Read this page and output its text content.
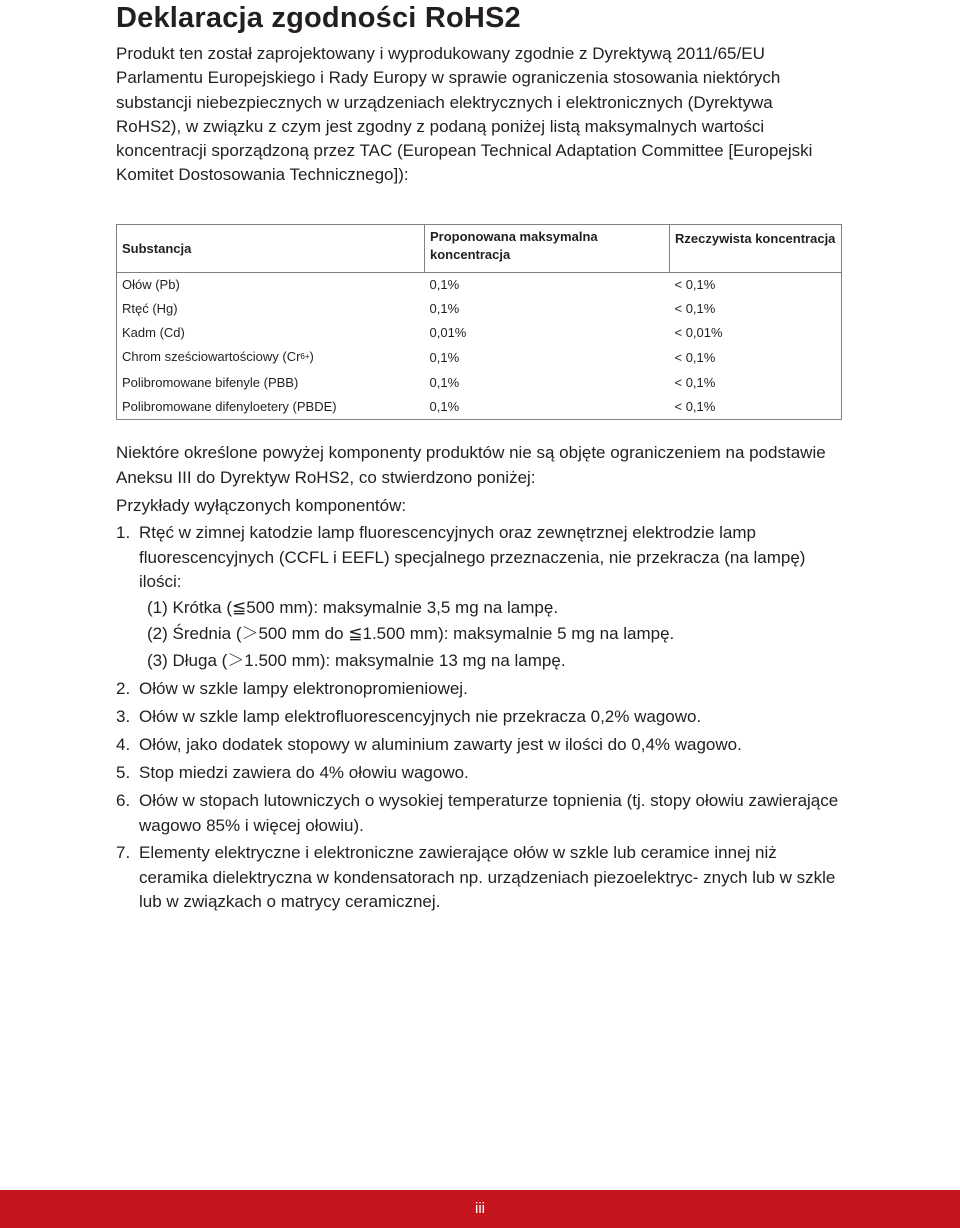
Deklaracja zgodności RoHS2

Produkt ten został zaprojektowany i wyprodukowany zgodnie z Dyrektywą 2011/65/EU Parlamentu Europejskiego i Rady Europy w sprawie ograniczenia stosowania niektórych substancji niebezpiecznych w urządzeniach elektrycznych i elektronicznych (Dyrektywa RoHS2), w związku z czym jest zgodny z podaną poniżej listą maksymalnych wartości koncentracji sporządzoną przez TAC (European Technical Adaptation Committee [Europejski Komitet Dostosowania Technicznego]):

Substancja	Proponowana maksymalna koncentracja	Rzeczywista koncentracja
Ołów (Pb)	0,1%	< 0,1%
Rtęć (Hg)	0,1%	< 0,1%
Kadm (Cd)	0,01%	< 0,01%
Chrom sześciowartościowy $(Cr^{6+})$	0,1%	< 0,1%
Polibromowane bifenyle (PBB)	0,1%	< 0,1%
Polibromowane difenyloetery (PBDE)	0,1%	< 0,1%

Niektóre określone powyżej komponenty produktów nie są objęte ograniczeniem na podstawie Aneksu III do Dyrektyw RoHS2, co stwierdzono poniżej:

Przykłady wyłączonych komponentów:

1. Rtęć w zimnej katodzie lamp fluorescencyjnych oraz zewnętrznej elektrodzie lamp fluorescencyjnych (CCFL i EEFL) specjalnego przeznaczenia, nie przekracza (na lampę) ilości:
(1) Krótka (≦500 mm): maksymalnie 3,5 mg na lampę.
(2) Średnia (＞500 mm do ≦1.500 mm): maksymalnie 5 mg na lampę.
(3) Długa (＞1.500 mm): maksymalnie 13 mg na lampę.
2. Ołów w szkle lampy elektronopromieniowej.
3. Ołów w szkle lamp elektrofluorescencyjnych nie przekracza 0,2% wagowo.
4. Ołów, jako dodatek stopowy w aluminium zawarty jest w ilości do 0,4% wagowo.
5. Stop miedzi zawiera do 4% ołowiu wagowo.
6. Ołów w stopach lutowniczych o wysokiej temperaturze topnienia (tj. stopy ołowiu zawierające wagowo 85% i więcej ołowiu).
7. Elementy elektryczne i elektroniczne zawierające ołów w szkle lub ceramice innej niż ceramika dielektryczna w kondensatorach np. urządzeniach piezoelektryc- znych lub w szkle lub w związkach o matrycy ceramicznej.
iii
